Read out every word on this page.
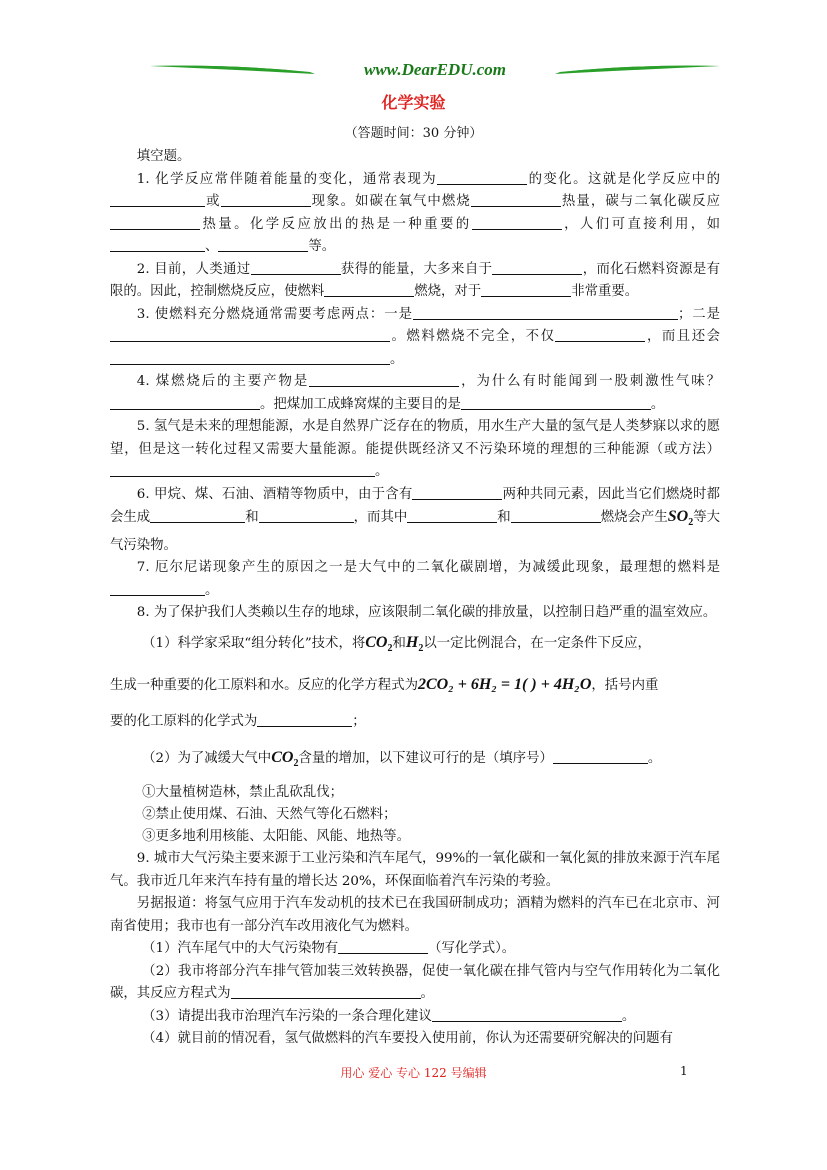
www.DearEDU.com
化学实验
（答题时间：30 分钟）

填空题。

1. 化学反应常伴随着能量的变化，通常表现为	的变化。这就是化学反应中的或	现象。如碳在氧气中燃烧	热量，碳与二氧化碳反应热量。化学反应放出的热是一种重要的	，人们可直接利用，如、	等。

2. 目前，人类通过	获得的能量，大多来自于	，而化石燃料资源是有限的。因此，控制燃烧反应，使燃料	燃烧，对于	非常重要。

3. 使燃料充分燃烧通常需要考虑两点：一是	；二是。燃料燃烧不完全，不仅	，而且还会。

4. 煤燃烧后的主要产物是	，为什么有时能闻到一股刺激性气味？。把煤加工成蜂窝煤的主要目的是	。

5. 氢气是未来的理想能源，水是自然界广泛存在的物质，用水生产大量的氢气是人类梦寐以求的愿望，但是这一转化过程又需要大量能源。能提供既经济又不污染环境的理想的三种能源（或方法）。

6. 甲烷、煤、石油、酒精等物质中，由于含有	两种共同元素，因此当它们燃烧时都会生成	和	，而其中	和	燃烧会产生$SO_2$等大气污染物。

7. 厄尔尼诺现象产生的原因之一是大气中的二氧化碳剧增，为减缓此现象，最理想的燃料是。

8. 为了保护我们人类赖以生存的地球，应该限制二氧化碳的排放量，以控制日趋严重的温室效应。

（1）科学家采取“组分转化”技术，将$CO_2$和$H_2$以一定比例混合，在一定条件下反应，

生成一种重要的化工原料和水。反应的化学方程式为2CO₂ + 6H₂ = 1( ) + 4H₂O，括号内重

要的化工原料的化学式为	；

（2）为了减缓大气中$CO_2$含量的增加，以下建议可行的是（填序号）	。

①大量植树造林，禁止乱砍乱伐；

②禁止使用煤、石油、天然气等化石燃料；

③更多地利用核能、太阳能、风能、地热等。

9. 城市大气污染主要来源于工业污染和汽车尾气，99%的一氧化碳和一氧化氮的排放来源于汽车尾气。我市近几年来汽车持有量的增长达 20%，环保面临着汽车污染的考验。

另据报道：将氢气应用于汽车发动机的技术已在我国研制成功；酒精为燃料的汽车已在北京市、河南省使用；我市也有一部分汽车改用液化气为燃料。

（1）汽车尾气中的大气污染物有	（写化学式）。

（2）我市将部分汽车排气管加装三效转换器，促使一氧化碳在排气管内与空气作用转化为二氧化碳，其反应方程式为	。

（3）请提出我市治理汽车污染的一条合理化建议	。

（4）就目前的情况看，氢气做燃料的汽车要投入使用前，你认为还需要研究解决的问题有

用心 爱心 专心 122 号编辑	1
